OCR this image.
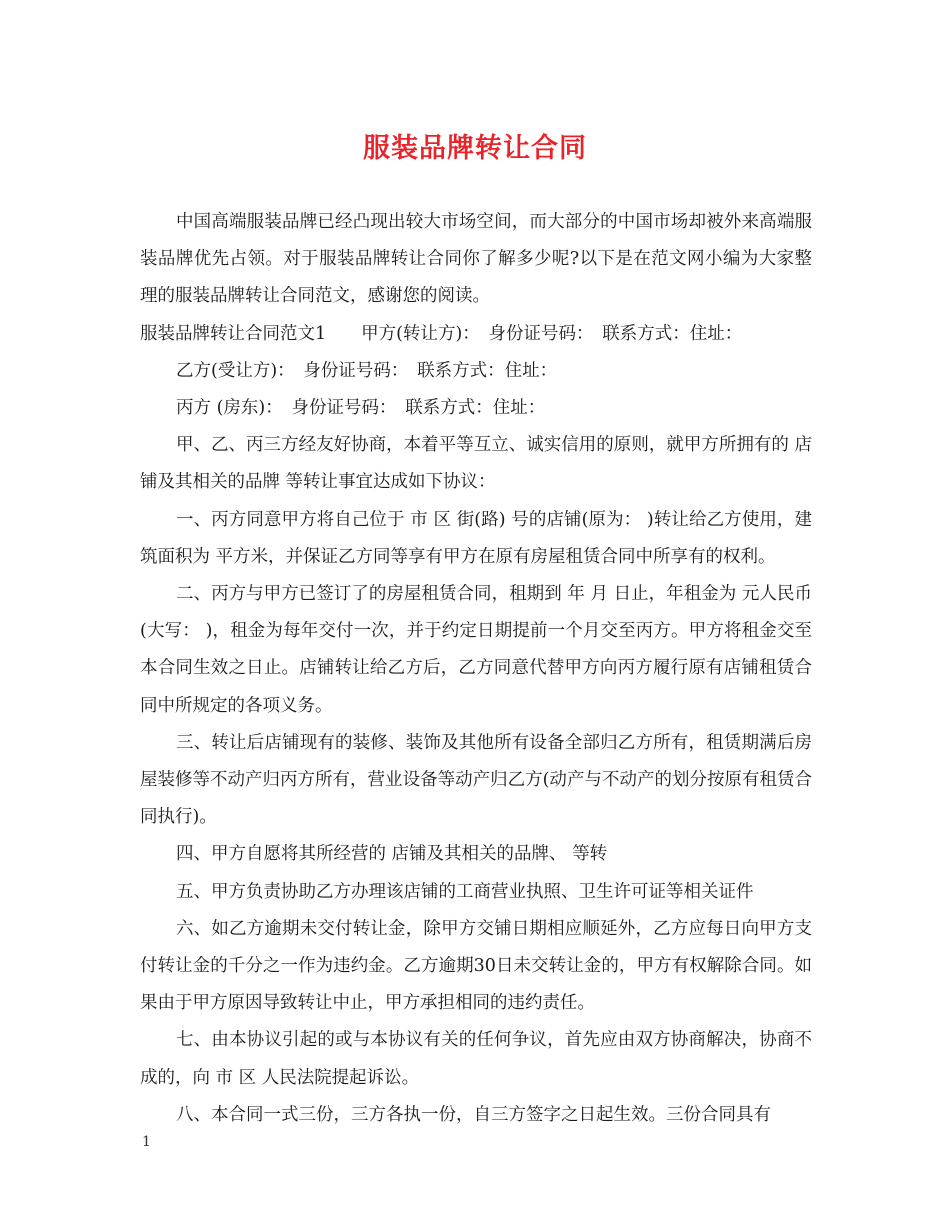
服装品牌转让合同

中国高端服装品牌已经凸现出较大市场空间，而大部分的中国市场却被外来高端服装品牌优先占领。对于服装品牌转让合同你了解多少呢?以下是在范文网小编为大家整理的服装品牌转让合同范文，感谢您的阅读。

服装品牌转让合同范文1　　甲方(转让方)：　身份证号码：　联系方式：住址：

乙方(受让方)：　身份证号码：　联系方式：住址：

丙方 (房东)：　身份证号码：　联系方式：住址：

甲、乙、丙三方经友好协商，本着平等互立、诚实信用的原则，就甲方所拥有的 店铺及其相关的品牌 等转让事宜达成如下协议：

一、丙方同意甲方将自己位于 市 区 街(路) 号的店铺(原为： )转让给乙方使用，建筑面积为 平方米，并保证乙方同等享有甲方在原有房屋租赁合同中所享有的权利。

二、丙方与甲方已签订了的房屋租赁合同，租期到 年 月 日止，年租金为 元人民币(大写： )，租金为每年交付一次，并于约定日期提前一个月交至丙方。甲方将租金交至本合同生效之日止。店铺转让给乙方后，乙方同意代替甲方向丙方履行原有店铺租赁合同中所规定的各项义务。

三、转让后店铺现有的装修、装饰及其他所有设备全部归乙方所有，租赁期满后房屋装修等不动产归丙方所有，营业设备等动产归乙方(动产与不动产的划分按原有租赁合同执行)。

四、甲方自愿将其所经营的 店铺及其相关的品牌、 等转

五、甲方负责协助乙方办理该店铺的工商营业执照、卫生许可证等相关证件

六、如乙方逾期未交付转让金，除甲方交铺日期相应顺延外，乙方应每日向甲方支付转让金的千分之一作为违约金。乙方逾期30日未交转让金的，甲方有权解除合同。如果由于甲方原因导致转让中止，甲方承担相同的违约责任。

七、由本协议引起的或与本协议有关的任何争议，首先应由双方协商解决，协商不成的，向 市 区 人民法院提起诉讼。

八、本合同一式三份，三方各执一份，自三方签字之日起生效。三份合同具有

1
